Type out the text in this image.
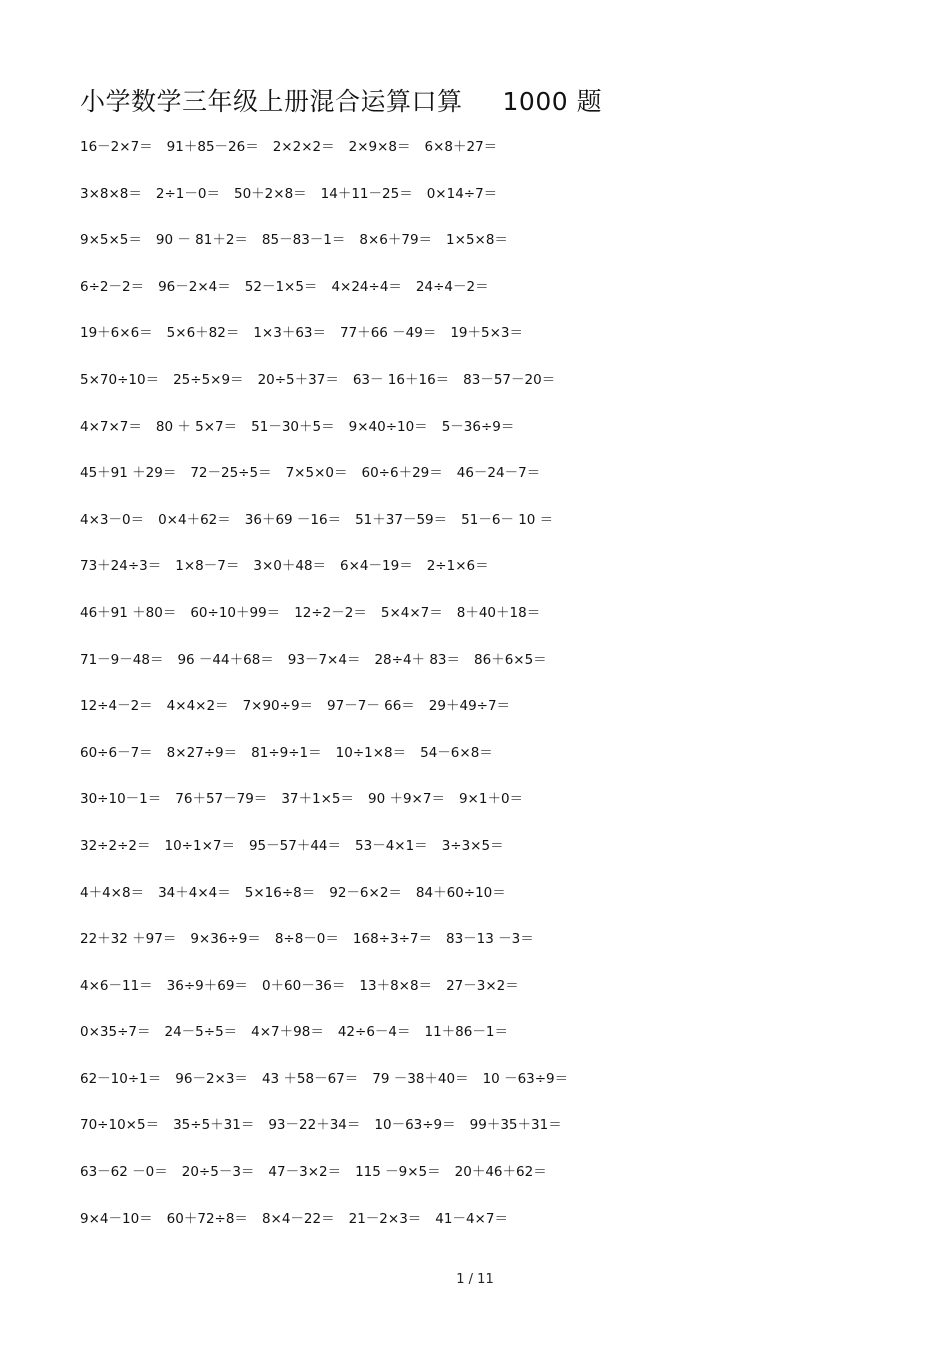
小学数学三年级上册混合运算口算 1000 题
16－2×7＝ 91＋85－26＝ 2×2×2＝ 2×9×8＝ 6×8＋27＝
3×8×8＝ 2÷1－0＝ 50＋2×8＝ 14＋11－25＝ 0×14÷7＝
9×5×5＝ 90 － 81＋2＝ 85－83－1＝ 8×6＋79＝ 1×5×8＝
6÷2－2＝ 96－2×4＝ 52－1×5＝ 4×24÷4＝ 24÷4－2＝
19＋6×6＝ 5×6＋82＝ 1×3＋63＝ 77＋66 －49＝ 19＋5×3＝
5×70÷10＝ 25÷5×9＝ 20÷5＋37＝ 63－ 16＋16＝ 83－57－20＝
4×7×7＝ 80 ＋ 5×7＝ 51－30＋5＝ 9×40÷10＝ 5－36÷9＝
45＋91 ＋29＝ 72－25÷5＝ 7×5×0＝ 60÷6＋29＝ 46－24－7＝
4×3－0＝ 0×4＋62＝ 36＋69 －16＝ 51＋37－59＝ 51－6－ 10 ＝
73＋24÷3＝ 1×8－7＝ 3×0＋48＝ 6×4－19＝ 2÷1×6＝
46＋91 ＋80＝ 60÷10＋99＝ 12÷2－2＝ 5×4×7＝ 8＋40＋18＝
71－9－48＝ 96 －44＋68＝ 93－7×4＝ 28÷4＋ 83＝ 86＋6×5＝
12÷4－2＝ 4×4×2＝ 7×90÷9＝ 97－7－ 66＝ 29＋49÷7＝
60÷6－7＝ 8×27÷9＝ 81÷9÷1＝ 10÷1×8＝ 54－6×8＝
30÷10－1＝ 76＋57－79＝ 37＋1×5＝ 90 ＋9×7＝ 9×1＋0＝
32÷2÷2＝ 10÷1×7＝ 95－57＋44＝ 53－4×1＝ 3÷3×5＝
4＋4×8＝ 34＋4×4＝ 5×16÷8＝ 92－6×2＝ 84＋60÷10＝
22＋32 ＋97＝ 9×36÷9＝ 8÷8－0＝ 168÷3÷7＝ 83－13 －3＝
4×6－11＝ 36÷9＋69＝ 0＋60－36＝ 13＋8×8＝ 27－3×2＝
0×35÷7＝ 24－5÷5＝ 4×7＋98＝ 42÷6－4＝ 11＋86－1＝
62－10÷1＝ 96－2×3＝ 43 ＋58－67＝ 79 －38＋40＝ 10 －63÷9＝
70÷10×5＝ 35÷5＋31＝ 93－22＋34＝ 10－63÷9＝ 99＋35＋31＝
63－62 －0＝ 20÷5－3＝ 47－3×2＝ 115 －9×5＝ 20＋46＋62＝
9×4－10＝ 60＋72÷8＝ 8×4－22＝ 21－2×3＝ 41－4×7＝
1 / 11
